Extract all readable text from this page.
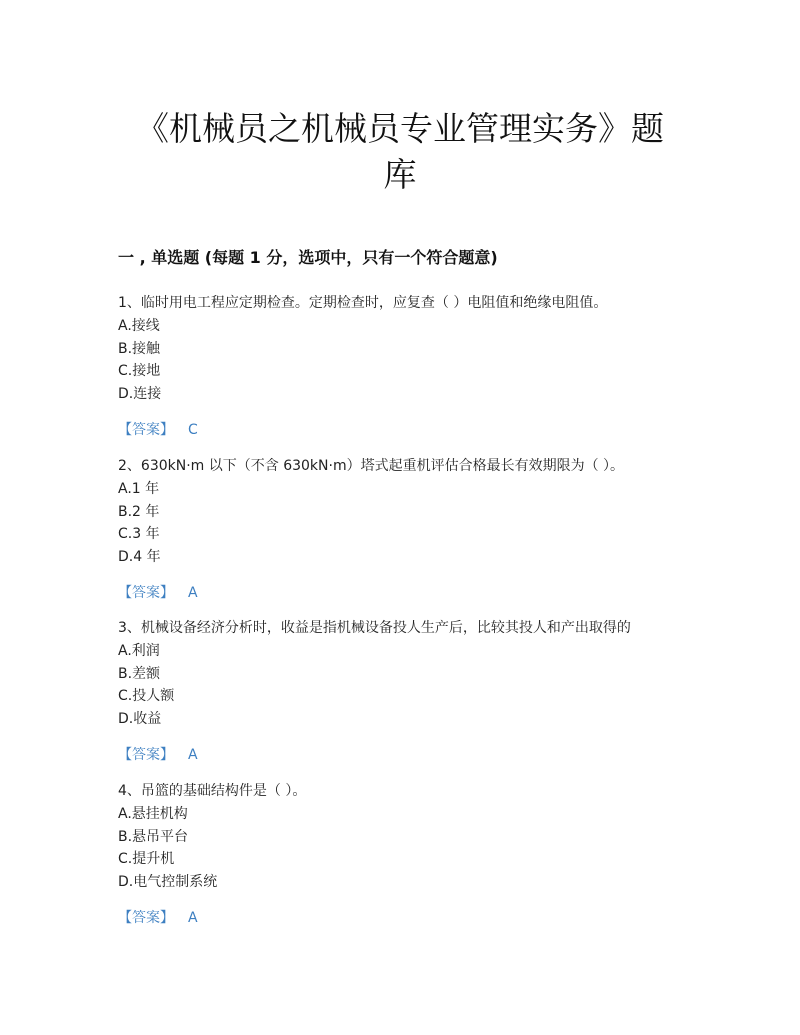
《机械员之机械员专业管理实务》题
库
一 , 单选题 (每题 1 分，选项中，只有一个符合题意)
1、临时用电工程应定期检查。定期检查时，应复查（ ）电阻值和绝缘电阻值。
A.接线
B.接触
C.接地
D.连接
【答案】 C
2、630kN·m 以下（不含 630kN·m）塔式起重机评估合格最长有效期限为（ ）。
A.1 年
B.2 年
C.3 年
D.4 年
【答案】 A
3、机械设备经济分析时，收益是指机械设备投人生产后，比较其投人和产出取得的
A.利润
B.差额
C.投人额
D.收益
【答案】 A
4、吊篮的基础结构件是（ ）。
A.悬挂机构
B.悬吊平台
C.提升机
D.电气控制系统
【答案】 A
